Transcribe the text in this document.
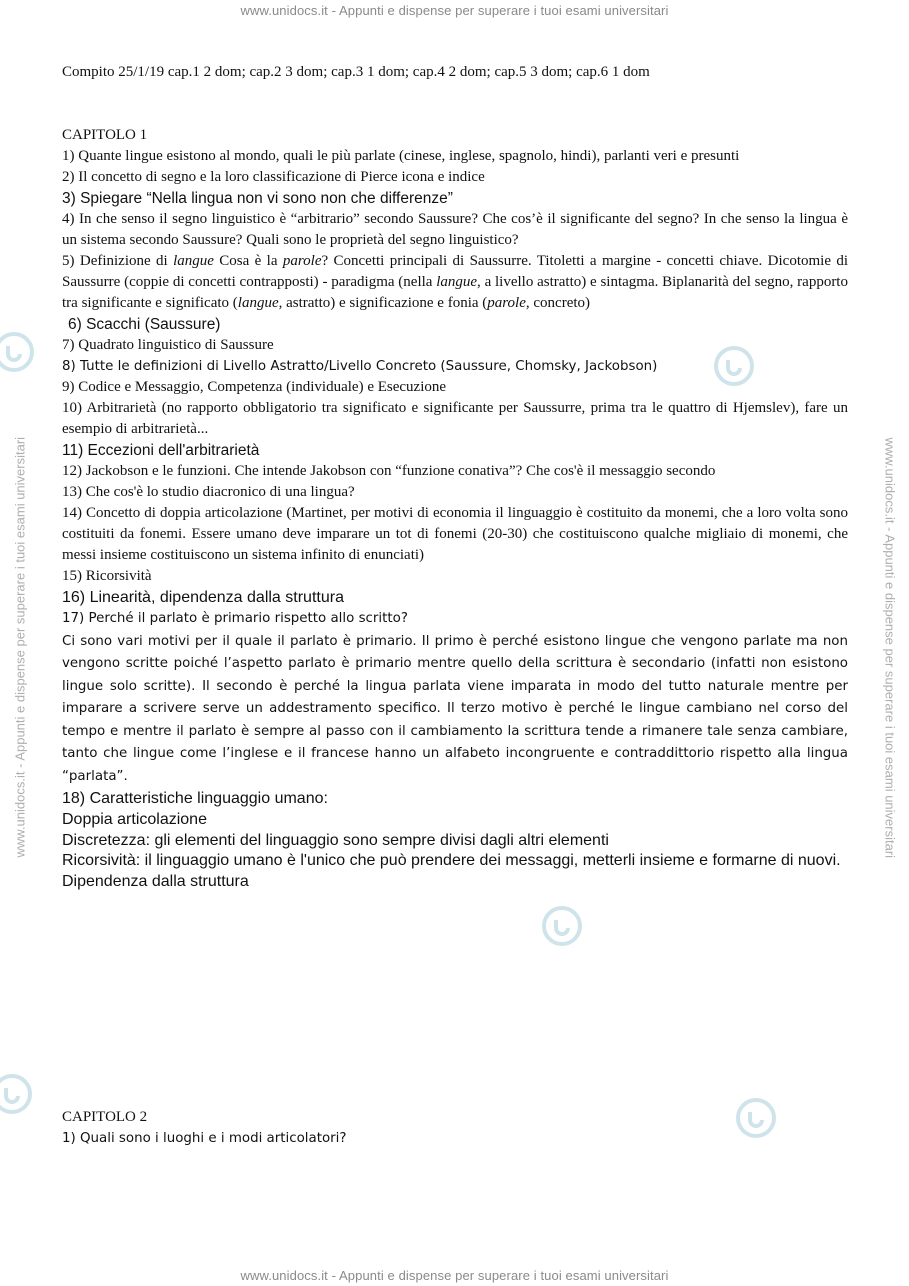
www.unidocs.it - Appunti e dispense per superare i tuoi esami universitari
www.unidocs.it - Appunti e dispense per superare i tuoi esami universitari
www.unidocs.it - Appunti e dispense per superare i tuoi esami universitari	www.unidocs.it - Appunti e dispense per superare i tuoi esami universitari

Compito 25/1/19 cap.1 2 dom; cap.2 3 dom; cap.3 1 dom; cap.4 2 dom; cap.5 3 dom; cap.6 1 dom

CAPITOLO 1

1) Quante lingue esistono al mondo, quali le più parlate (cinese, inglese, spagnolo, hindi), parlanti veri e presunti

2) Il concetto di segno e la loro classificazione di Pierce icona e indice

3) Spiegare “Nella lingua non vi sono non che differenze”

4) In che senso il segno linguistico è “arbitrario” secondo Saussure? Che cos’è il significante del segno? In che senso la lingua è un sistema secondo Saussure? Quali sono le proprietà del segno linguistico?

5) Definizione di langue Cosa è la parole? Concetti principali di Saussurre. Titoletti a margine - concetti chiave. Dicotomie di Saussurre (coppie di concetti contrapposti) - paradigma (nella langue, a livello astratto) e sintagma. Biplanarità del segno, rapporto tra significante e significato (langue, astratto) e significazione e fonia (parole, concreto)

6) Scacchi (Saussure)

7) Quadrato linguistico di Saussure

8) Tutte le definizioni di Livello Astratto/Livello Concreto (Saussure, Chomsky, Jackobson)

9) Codice e Messaggio, Competenza (individuale) e Esecuzione

10) Arbitrarietà (no rapporto obbligatorio tra significato e significante per Saussurre, prima tra le quattro di Hjemslev), fare un esempio di arbitrarietà...

11) Eccezioni dell'arbitrarietà

12) Jackobson e le funzioni. Che intende Jakobson con “funzione conativa”? Che cos'è il messaggio secondo

13) Che cos'è lo studio diacronico di una lingua?

14) Concetto di doppia articolazione (Martinet, per motivi di economia il linguaggio è costituito da monemi, che a loro volta sono costituiti da fonemi. Essere umano deve imparare un tot di fonemi (20-30) che costituiscono qualche migliaio di monemi, che messi insieme costituiscono un sistema infinito di enunciati)

15) Ricorsività

16) Linearità, dipendenza dalla struttura

17) Perché il parlato è primario rispetto allo scritto?

Ci sono vari motivi per il quale il parlato è primario. Il primo è perché esistono lingue che vengono parlate ma non vengono scritte poiché l’aspetto parlato è primario mentre quello della scrittura è secondario (infatti non esistono lingue solo scritte). Il secondo è perché la lingua parlata viene imparata in modo del tutto naturale mentre per imparare a scrivere serve un addestramento specifico. Il terzo motivo è perché le lingue cambiano nel corso del tempo e mentre il parlato è sempre al passo con il cambiamento la scrittura tende a rimanere tale senza cambiare, tanto che lingue come l’inglese e il francese hanno un alfabeto incongruente e contraddittorio rispetto alla lingua “parlata”.

18) Caratteristiche linguaggio umano:

Doppia articolazione

Discretezza: gli elementi del linguaggio sono sempre divisi dagli altri elementi

Ricorsività: il linguaggio umano è l'unico che può prendere dei messaggi, metterli insieme e formarne di nuovi.

Dipendenza dalla struttura

CAPITOLO 2

1) Quali sono i luoghi e i modi articolatori?
